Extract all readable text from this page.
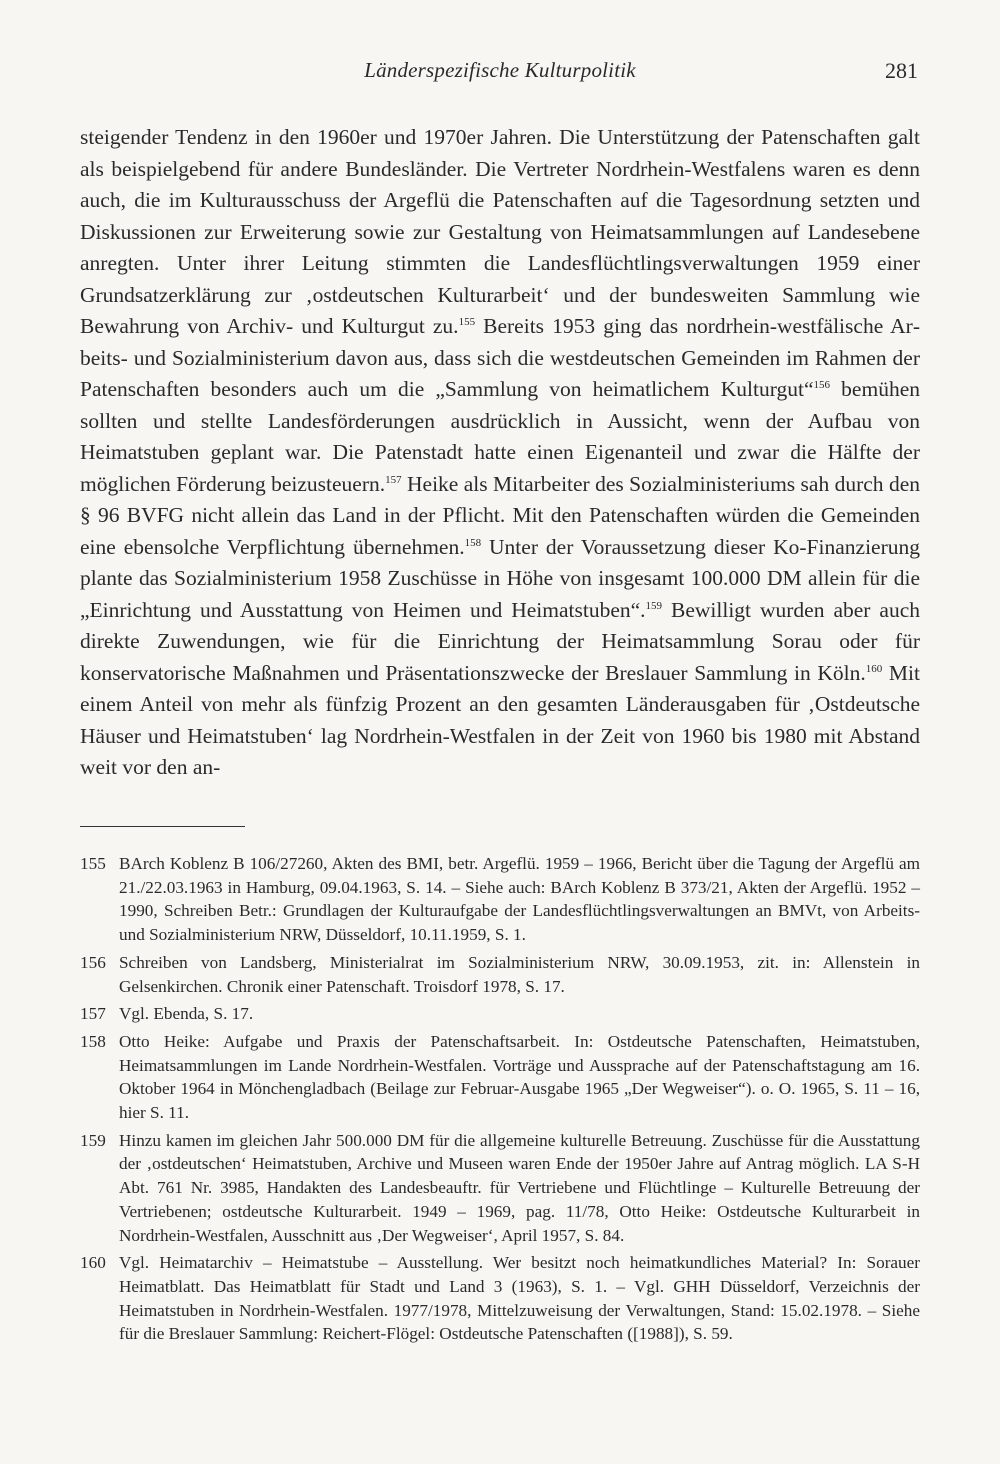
Länderspezifische Kulturpolitik	281

steigender Tendenz in den 1960er und 1970er Jahren. Die Unterstützung der Patenschaften galt als beispielgebend für andere Bundesländer. Die Vertreter Nordrhein-Westfalens waren es denn auch, die im Kulturausschuss der Argeflü die Patenschaften auf die Tagesordnung setzten und Diskussionen zur Erweiterung sowie zur Gestaltung von Heimatsammlungen auf Landesebene anregten. Unter ihrer Leitung stimmten die Landesflüchtlingsverwaltungen 1959 einer Grundsatzerklärung zur ‚ostdeutschen Kulturarbeit‘ und der bundesweiten Sammlung wie Bewahrung von Archiv- und Kulturgut zu.$^{155}$ Bereits 1953 ging das nordrhein-westfälische Arbeits- und Sozialministerium davon aus, dass sich die westdeutschen Gemeinden im Rahmen der Patenschaften besonders auch um die „Sammlung von heimatlichem Kulturgut“$^{156}$ bemühen sollten und stellte Landesförderungen ausdrücklich in Aussicht, wenn der Aufbau von Heimatstuben geplant war. Die Patenstadt hatte einen Eigenanteil und zwar die Hälfte der möglichen Förderung beizusteuern.$^{157}$ Heike als Mitarbeiter des Sozialministeriums sah durch den § 96 BVFG nicht allein das Land in der Pflicht. Mit den Patenschaften würden die Gemeinden eine ebensolche Verpflichtung übernehmen.$^{158}$ Unter der Voraussetzung dieser Ko-Finanzierung plante das Sozialministerium 1958 Zuschüsse in Höhe von insgesamt 100.000 DM allein für die „Einrichtung und Ausstattung von Heimen und Heimatstuben“.$^{159}$ Bewilligt wurden aber auch direkte Zuwendungen, wie für die Einrichtung der Heimatsammlung Sorau oder für konservatorische Maßnahmen und Präsentationszwecke der Breslauer Sammlung in Köln.$^{160}$ Mit einem Anteil von mehr als fünfzig Prozent an den gesamten Länderausgaben für ‚Ostdeutsche Häuser und Heimatstuben‘ lag Nordrhein-Westfalen in der Zeit von 1960 bis 1980 mit Abstand weit vor den an-

155 BArch Koblenz B 106/27260, Akten des BMI, betr. Argeflü. 1959 – 1966, Bericht über die Tagung der Argeflü am 21./22.03.1963 in Hamburg, 09.04.1963, S. 14. – Siehe auch: BArch Koblenz B 373/21, Akten der Argeflü. 1952 – 1990, Schreiben Betr.: Grundlagen der Kulturaufgabe der Landesflüchtlingsverwaltungen an BMVt, von Arbeits- und Sozialministerium NRW, Düsseldorf, 10.11.1959, S. 1.
156 Schreiben von Landsberg, Ministerialrat im Sozialministerium NRW, 30.09.1953, zit. in: Allenstein in Gelsenkirchen. Chronik einer Patenschaft. Troisdorf 1978, S. 17.
157 Vgl. Ebenda, S. 17.
158 Otto Heike: Aufgabe und Praxis der Patenschaftsarbeit. In: Ostdeutsche Patenschaften, Heimatstuben, Heimatsammlungen im Lande Nordrhein-Westfalen. Vorträge und Aussprache auf der Patenschaftstagung am 16. Oktober 1964 in Mönchengladbach (Beilage zur Februar-Ausgabe 1965 „Der Wegweiser“). o. O. 1965, S. 11 – 16, hier S. 11.
159 Hinzu kamen im gleichen Jahr 500.000 DM für die allgemeine kulturelle Betreuung. Zuschüsse für die Ausstattung der ‚ostdeutschen‘ Heimatstuben, Archive und Museen waren Ende der 1950er Jahre auf Antrag möglich. LA S-H Abt. 761 Nr. 3985, Handakten des Landesbeauftr. für Vertriebene und Flüchtlinge – Kulturelle Betreuung der Vertriebenen; ostdeutsche Kulturarbeit. 1949 – 1969, pag. 11/78, Otto Heike: Ostdeutsche Kulturarbeit in Nordrhein-Westfalen, Ausschnitt aus ‚Der Wegweiser‘, April 1957, S. 84.
160 Vgl. Heimatarchiv – Heimatstube – Ausstellung. Wer besitzt noch heimatkundliches Material? In: Sorauer Heimatblatt. Das Heimatblatt für Stadt und Land 3 (1963), S. 1. – Vgl. GHH Düsseldorf, Verzeichnis der Heimatstuben in Nordrhein-Westfalen. 1977/1978, Mittelzuweisung der Verwaltungen, Stand: 15.02.1978. – Siehe für die Breslauer Sammlung: Reichert-Flögel: Ostdeutsche Patenschaften ([1988]), S. 59.
